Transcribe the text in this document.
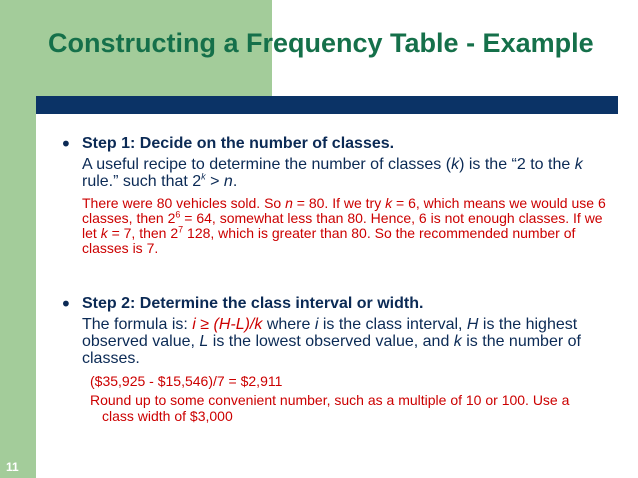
Constructing a Frequency Table - Example
• Step 1: Decide on the number of classes.
A useful recipe to determine the number of classes (k) is the “2 to the k rule.” such that $2^k > n$.
There were 80 vehicles sold. So n = 80. If we try k = 6, which means we would use 6 classes, then $2^6 = 64$, somewhat less than 80. Hence, 6 is not enough classes. If we let k = 7, then $2^7$ 128, which is greater than 80. So the recommended number of classes is 7.
• Step 2: Determine the class interval or width.
The formula is: i ≥ (H-L)/k where i is the class interval, H is the highest observed value, L is the lowest observed value, and k is the number of classes.
($35,925 - $15,546)/7 = $2,911
Round up to some convenient number, such as a multiple of 10 or 100. Use a class width of $3,000
11
